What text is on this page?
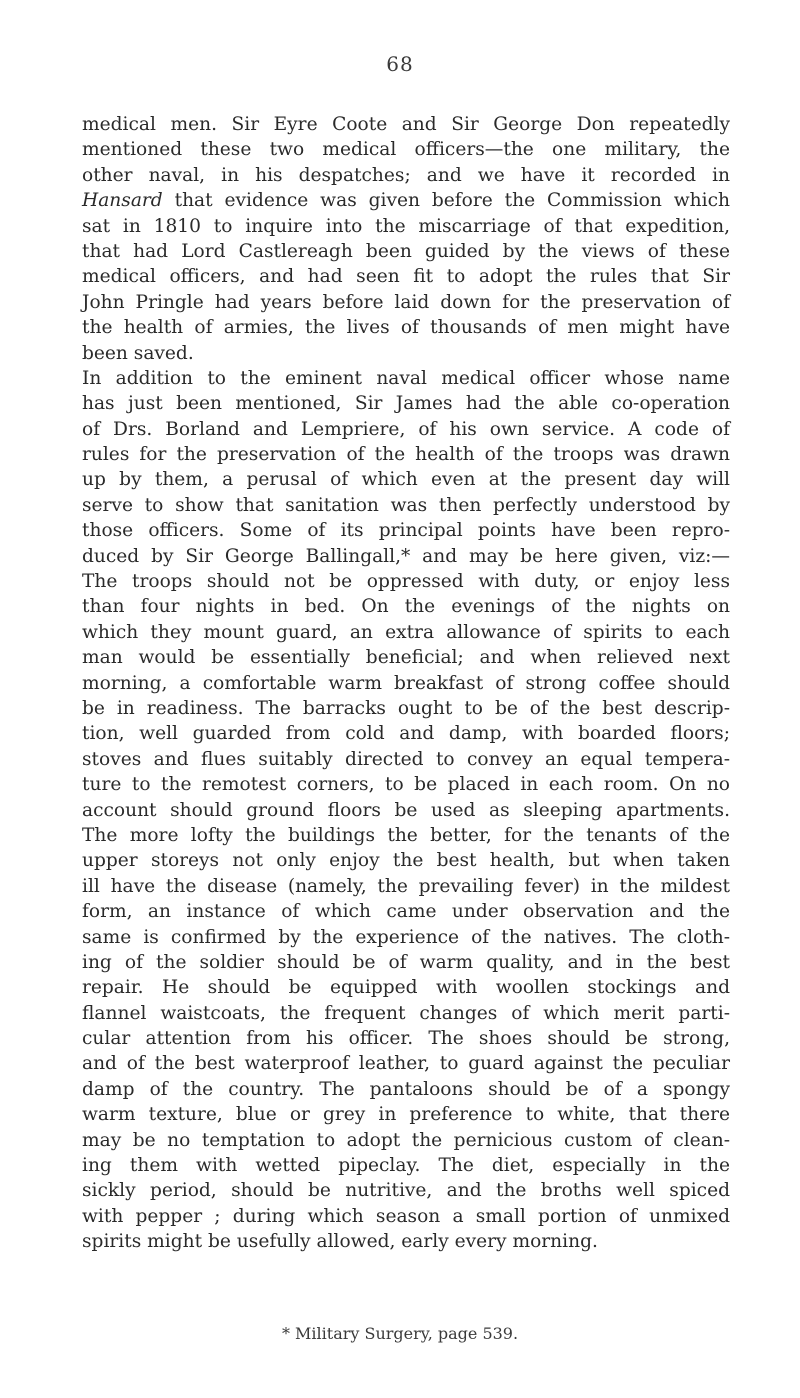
68
medical men. Sir Eyre Coote and Sir George Don repeatedly
mentioned these two medical officers—the one military, the
other naval, in his despatches; and we have it recorded in
Hansard that evidence was given before the Commission which
sat in 1810 to inquire into the miscarriage of that expedition,
that had Lord Castlereagh been guided by the views of these
medical officers, and had seen fit to adopt the rules that Sir
John Pringle had years before laid down for the preservation of
the health of armies, the lives of thousands of men might have
been saved.
In addition to the eminent naval medical officer whose name
has just been mentioned, Sir James had the able co-operation
of Drs. Borland and Lempriere, of his own service. A code of
rules for the preservation of the health of the troops was drawn
up by them, a perusal of which even at the present day will
serve to show that sanitation was then perfectly understood by
those officers. Some of its principal points have been repro-
duced by Sir George Ballingall,* and may be here given, viz:—
The troops should not be oppressed with duty, or enjoy less
than four nights in bed. On the evenings of the nights on
which they mount guard, an extra allowance of spirits to each
man would be essentially beneficial; and when relieved next
morning, a comfortable warm breakfast of strong coffee should
be in readiness. The barracks ought to be of the best descrip-
tion, well guarded from cold and damp, with boarded floors;
stoves and flues suitably directed to convey an equal tempera-
ture to the remotest corners, to be placed in each room. On no
account should ground floors be used as sleeping apartments.
The more lofty the buildings the better, for the tenants of the
upper storeys not only enjoy the best health, but when taken
ill have the disease (namely, the prevailing fever) in the mildest
form, an instance of which came under observation and the
same is confirmed by the experience of the natives. The cloth-
ing of the soldier should be of warm quality, and in the best
repair. He should be equipped with woollen stockings and
flannel waistcoats, the frequent changes of which merit parti-
cular attention from his officer. The shoes should be strong,
and of the best waterproof leather, to guard against the peculiar
damp of the country. The pantaloons should be of a spongy
warm texture, blue or grey in preference to white, that there
may be no temptation to adopt the pernicious custom of clean-
ing them with wetted pipeclay. The diet, especially in the
sickly period, should be nutritive, and the broths well spiced
with pepper ; during which season a small portion of unmixed
spirits might be usefully allowed, early every morning.
* Military Surgery, page 539.
